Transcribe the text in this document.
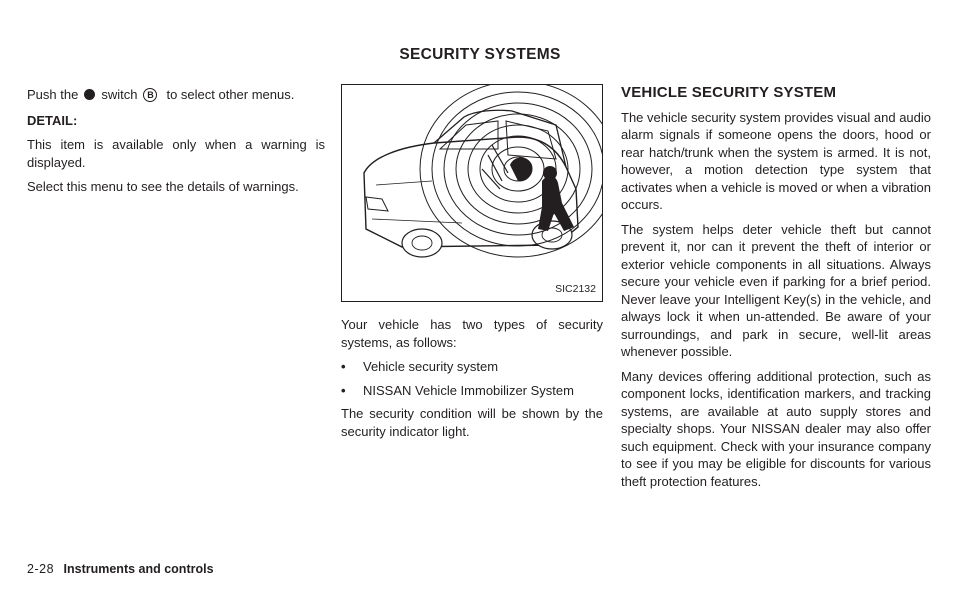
SECURITY SYSTEMS
Push the switch	B to select other menus.

DETAIL:

This item is available only when a warning is displayed.

Select this menu to see the details of warnings.

SIC2132

Your vehicle has two types of security systems, as follows:

•	Vehicle security system
•	NISSAN Vehicle Immobilizer System

The security condition will be shown by the security indicator light.

VEHICLE SECURITY SYSTEM

The vehicle security system provides visual and audio alarm signals if someone opens the doors, hood or rear hatch/trunk when the system is armed. It is not, however, a motion detection type system that activates when a vehicle is moved or when a vibration occurs.

The system helps deter vehicle theft but cannot prevent it, nor can it prevent the theft of interior or exterior vehicle components in all situations. Always secure your vehicle even if parking for a brief period. Never leave your Intelligent Key(s) in the vehicle, and always lock it when un-attended. Be aware of your surroundings, and park in secure, well-lit areas whenever possible.

Many devices offering additional protection, such as component locks, identification markers, and tracking systems, are available at auto supply stores and specialty shops. Your NISSAN dealer may also offer such equipment. Check with your insurance company to see if you may be eligible for discounts for various theft protection features.

2-28 Instruments and controls
